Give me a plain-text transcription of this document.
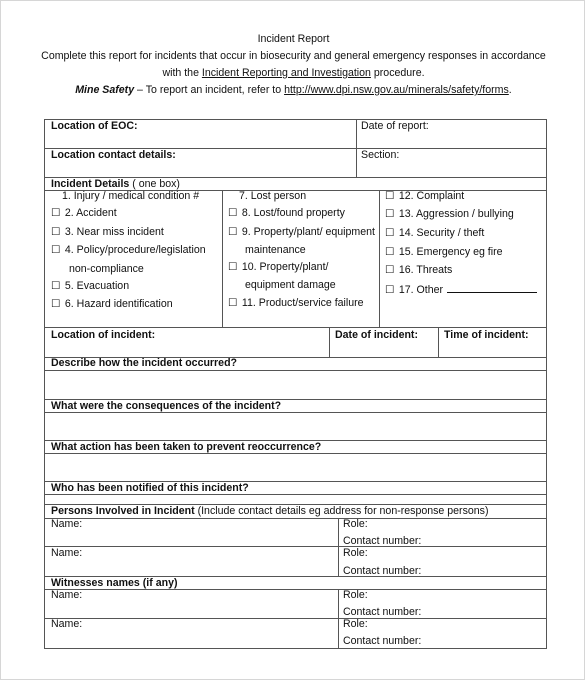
Incident Report
Complete this report for incidents that occur in biosecurity and general emergency responses in accordance
with the Incident Reporting and Investigation procedure.
Mine Safety – To report an incident, refer to http://www.dpi.nsw.gov.au/minerals/safety/forms.
Location of EOC:	Date of report:
Location contact details:	Section:
Incident Details ( one box)
1. Injury / medical condition #
☐ 2. Accident
☐ 3. Near miss incident
☐ 4. Policy/procedure/legislation
non-compliance
☐ 5. Evacuation
☐ 6. Hazard identification
7. Lost person
☐ 8. Lost/found property
☐ 9. Property/plant/ equipment
maintenance
☐ 10. Property/plant/
equipment damage
☐ 11. Product/service failure
☐ 12. Complaint
☐ 13. Aggression / bullying
☐ 14. Security / theft
☐ 15. Emergency eg fire
☐ 16. Threats
☐ 17. Other
Location of incident:	Date of incident: Time of incident:
Describe how the incident occurred?
What were the consequences of the incident?
What action has been taken to prevent reoccurrence?
Who has been notified of this incident?
Persons Involved in Incident (Include contact details eg address for non-response persons)
Name:	Role:
Contact number:
Name:	Role:
Contact number:
Witnesses names (if any)
Name:	Role:
Contact number:
Name:	Role:
Contact number:
